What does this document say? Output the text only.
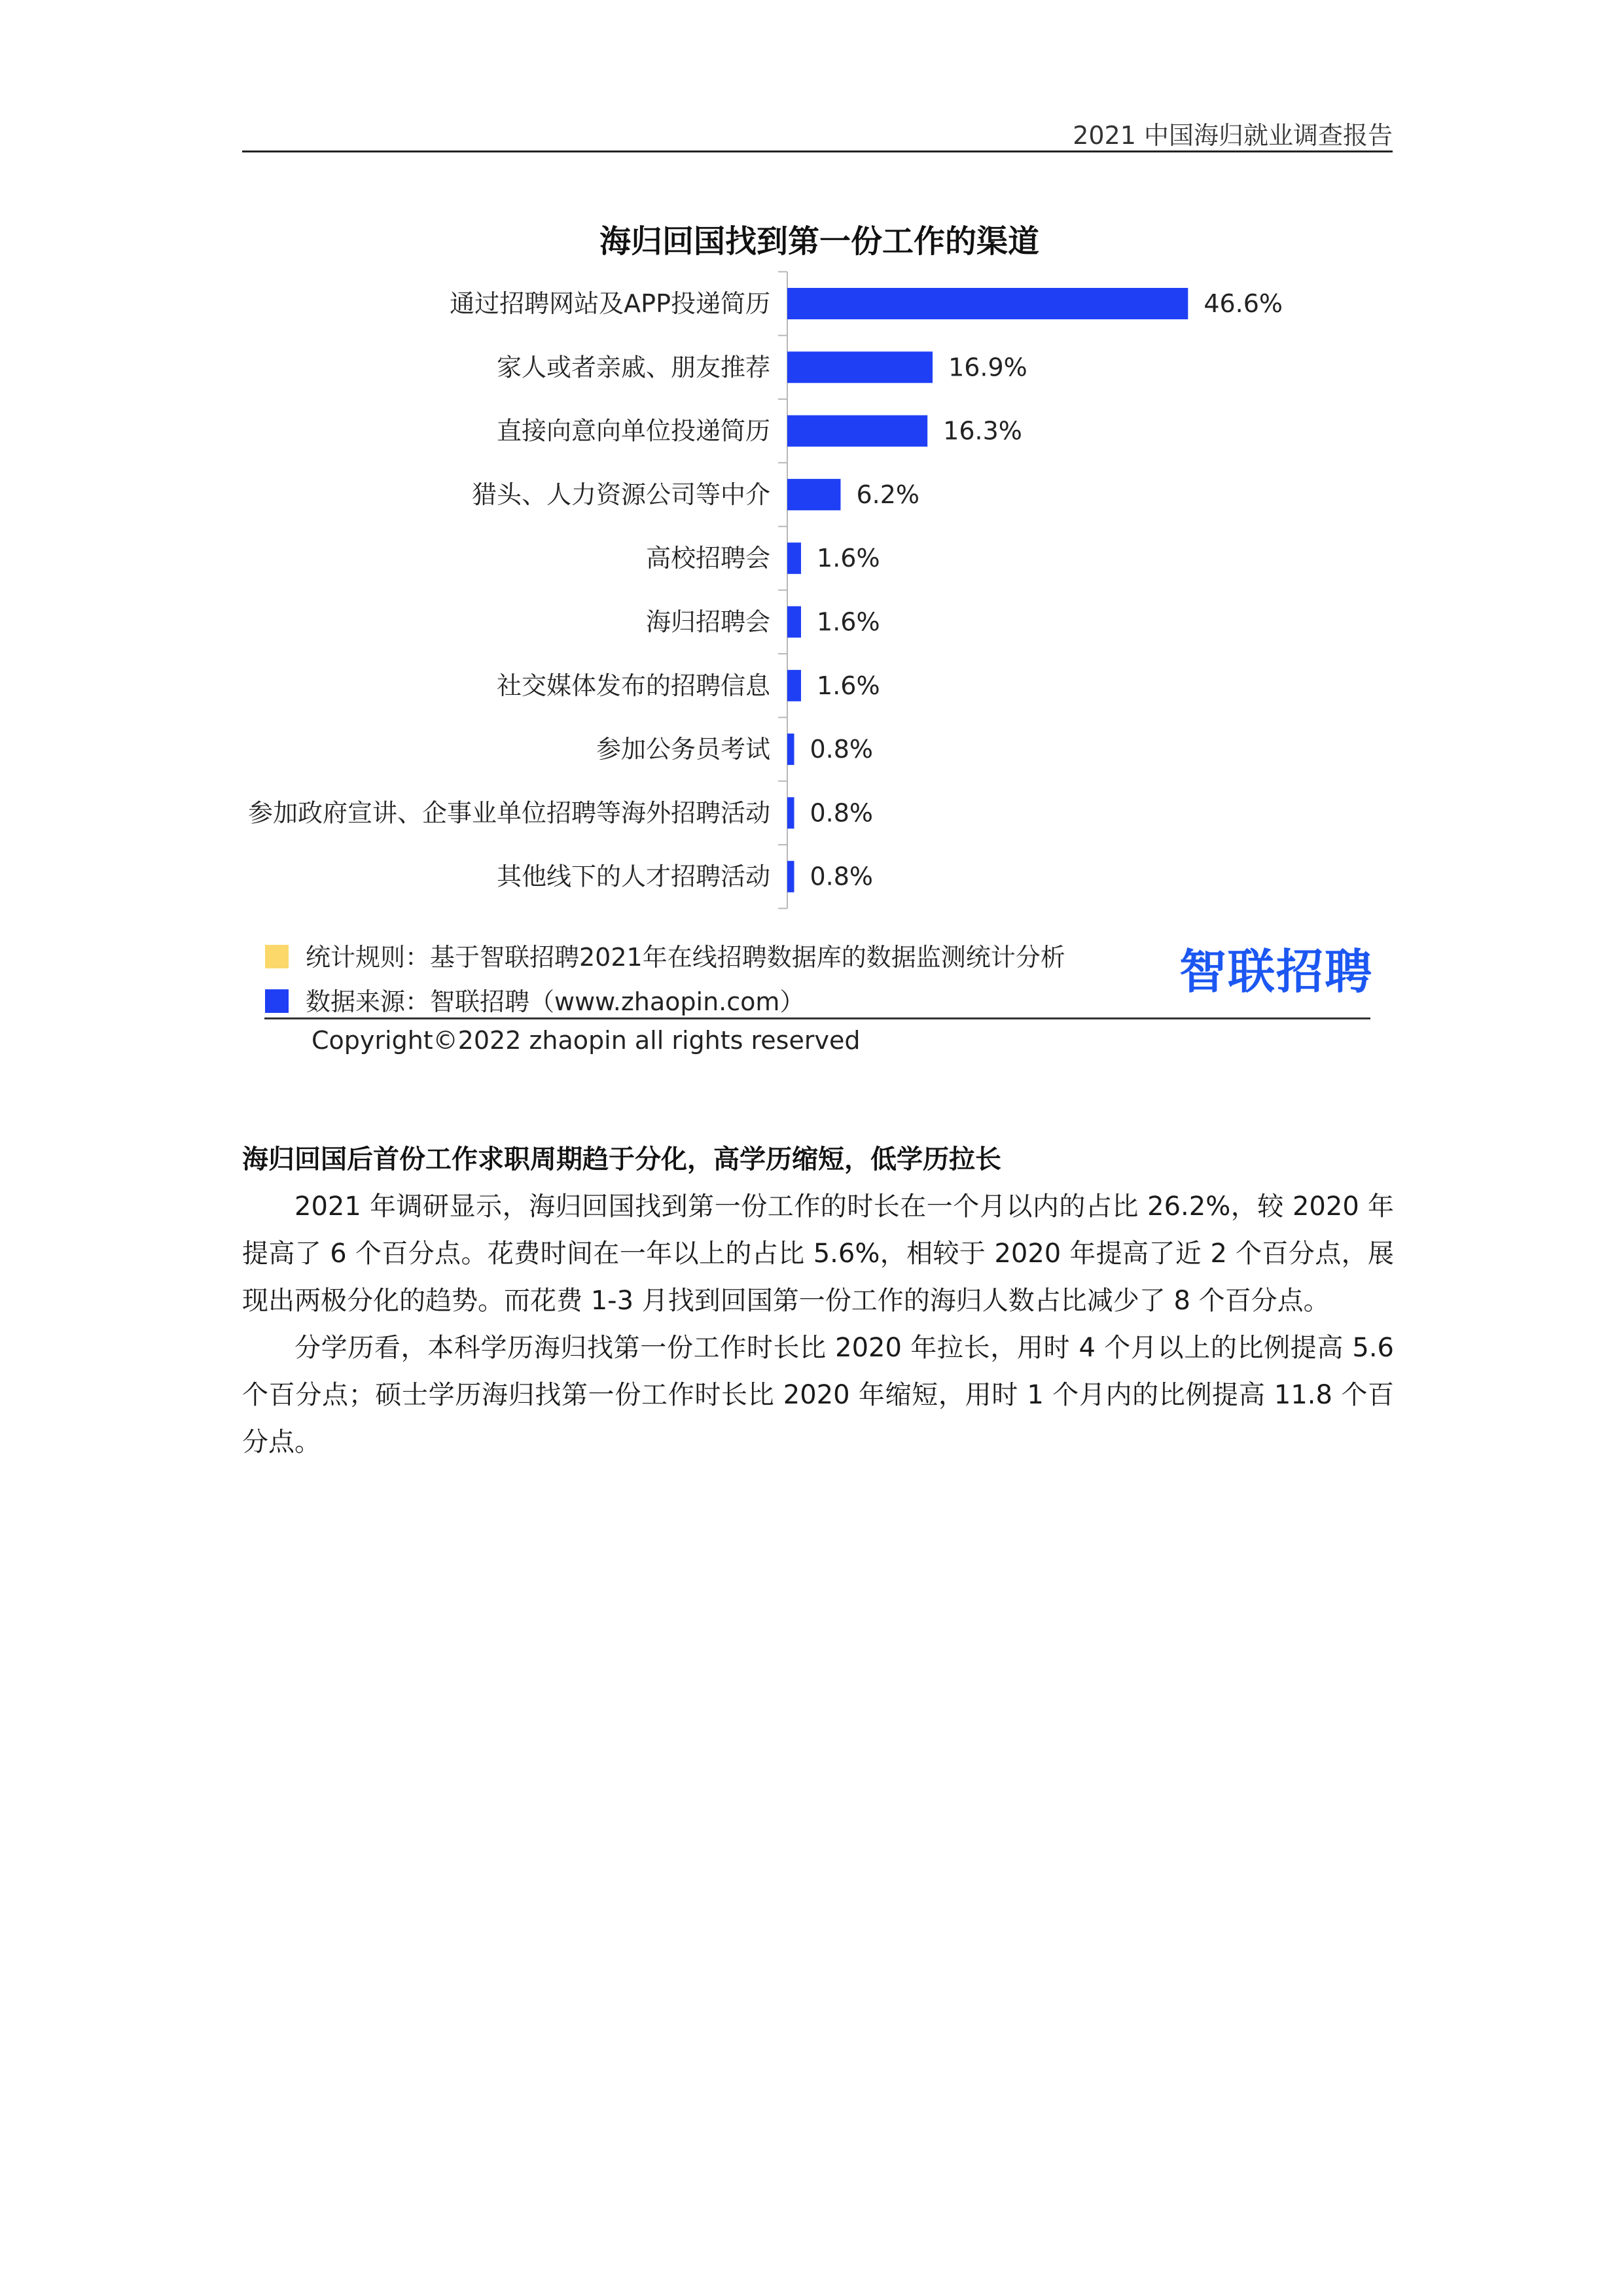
2021 中国海归就业调查报告
海归回国找到第一份工作的渠道
通过招聘网站及APP投递简历	46.6%
家人或者亲戚、朋友推荐	16.9%
直接向意向单位投递简历	16.3%
猎头、人力资源公司等中介	6.2%
高校招聘会 1.6%
海归招聘会 1.6%
社交媒体发布的招聘信息 1.6%
参加公务员考试 0.8%
参加政府宣讲、企事业单位招聘等海外招聘活动 0.8%
其他线下的人才招聘活动 0.8%
统计规则：基于智联招聘2021年在线招聘数据库的数据监测统计分析
数据来源：智联招聘（www.zhaopin.com）
智联招聘
Copyright©2022 zhaopin all rights reserved
海归回国后首份工作求职周期趋于分化，高学历缩短，低学历拉长

2021 年调研显示，海归回国找到第一份工作的时长在一个月以内的占比 26.2%，较 2020 年提高了 6 个百分点。花费时间在一年以上的占比 5.6%，相较于 2020 年提高了近 2 个百分点，展现出两极分化的趋势。而花费 1-3 月找到回国第一份工作的海归人数占比减少了 8 个百分点。

分学历看，本科学历海归找第一份工作时长比 2020 年拉长，用时 4 个月以上的比例提高 5.6 个百分点；硕士学历海归找第一份工作时长比 2020 年缩短，用时 1 个月内的比例提高 11.8 个百分点。
